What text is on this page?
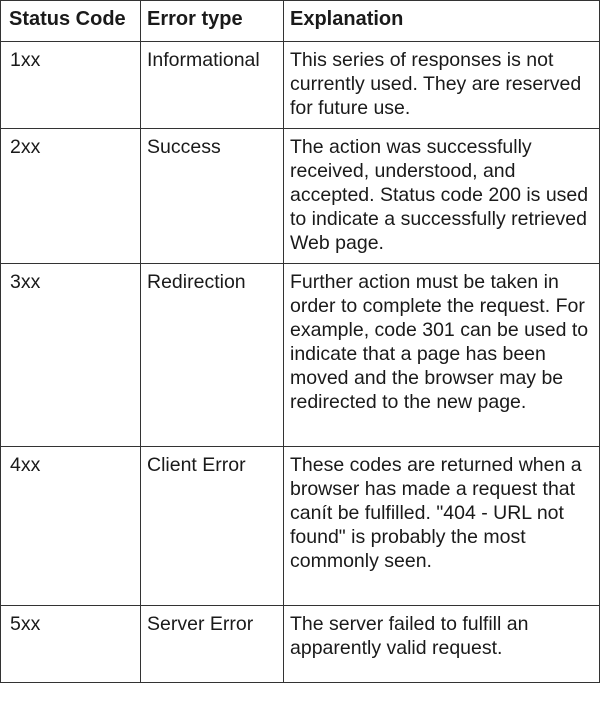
Status Code	Error type	Explanation
1xx	Informational	This series of responses is not currently used. They are reserved for future use.
2xx	Success	The action was successfully received, understood, and accepted. Status code 200 is used to indicate a successfully retrieved Web page.
3xx	Redirection	Further action must be taken in order to complete the request. For example, code 301 can be used to indicate that a page has been moved and the browser may be redirected to the new page.
4xx	Client Error	These codes are returned when a browser has made a request that canít be fulfilled. "404 - URL not found" is probably the most commonly seen.
5xx	Server Error	The server failed to fulfill an apparently valid request.
